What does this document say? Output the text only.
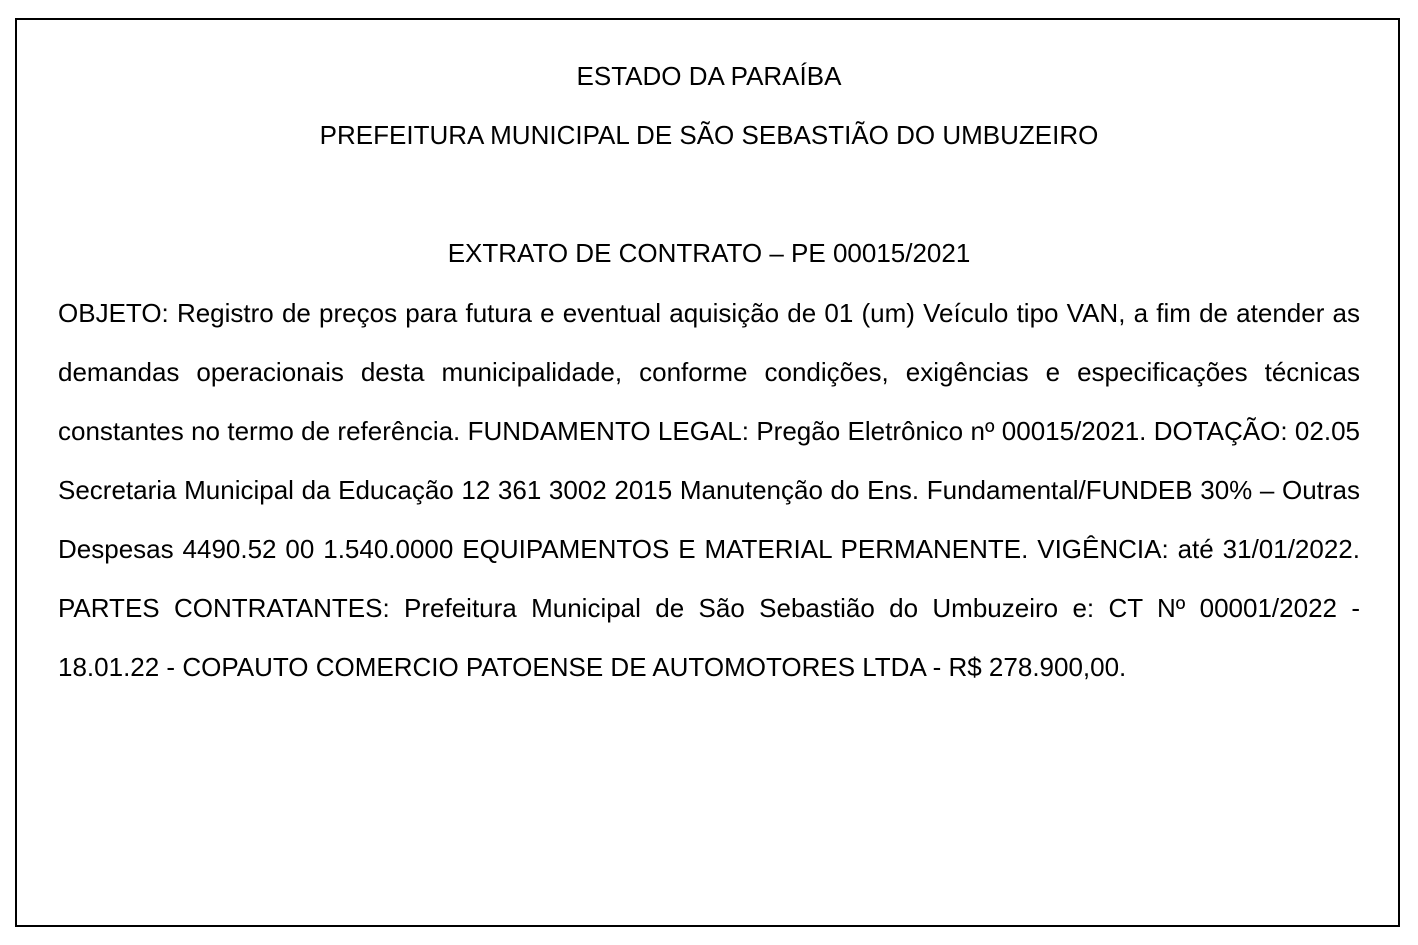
ESTADO DA PARAÍBA
PREFEITURA MUNICIPAL DE SÃO SEBASTIÃO DO UMBUZEIRO
EXTRATO DE CONTRATO – PE 00015/2021

OBJETO: Registro de preços para futura e eventual aquisição de 01 (um) Veículo tipo VAN, a fim de atender as demandas operacionais desta municipalidade, conforme condições, exigências e especificações técnicas constantes no termo de referência. FUNDAMENTO LEGAL: Pregão Eletrônico nº 00015/2021. DOTAÇÃO: 02.05 Secretaria Municipal da Educação 12 361 3002 2015 Manutenção do Ens. Fundamental/FUNDEB 30% – Outras Despesas 4490.52 00 1.540.0000 EQUIPAMENTOS E MATERIAL PERMANENTE. VIGÊNCIA: até 31/01/2022. PARTES CONTRATANTES: Prefeitura Municipal de São Sebastião do Umbuzeiro e: CT Nº 00001/2022 - 18.01.22 - COPAUTO COMERCIO PATOENSE DE AUTOMOTORES LTDA - R$ 278.900,00.
